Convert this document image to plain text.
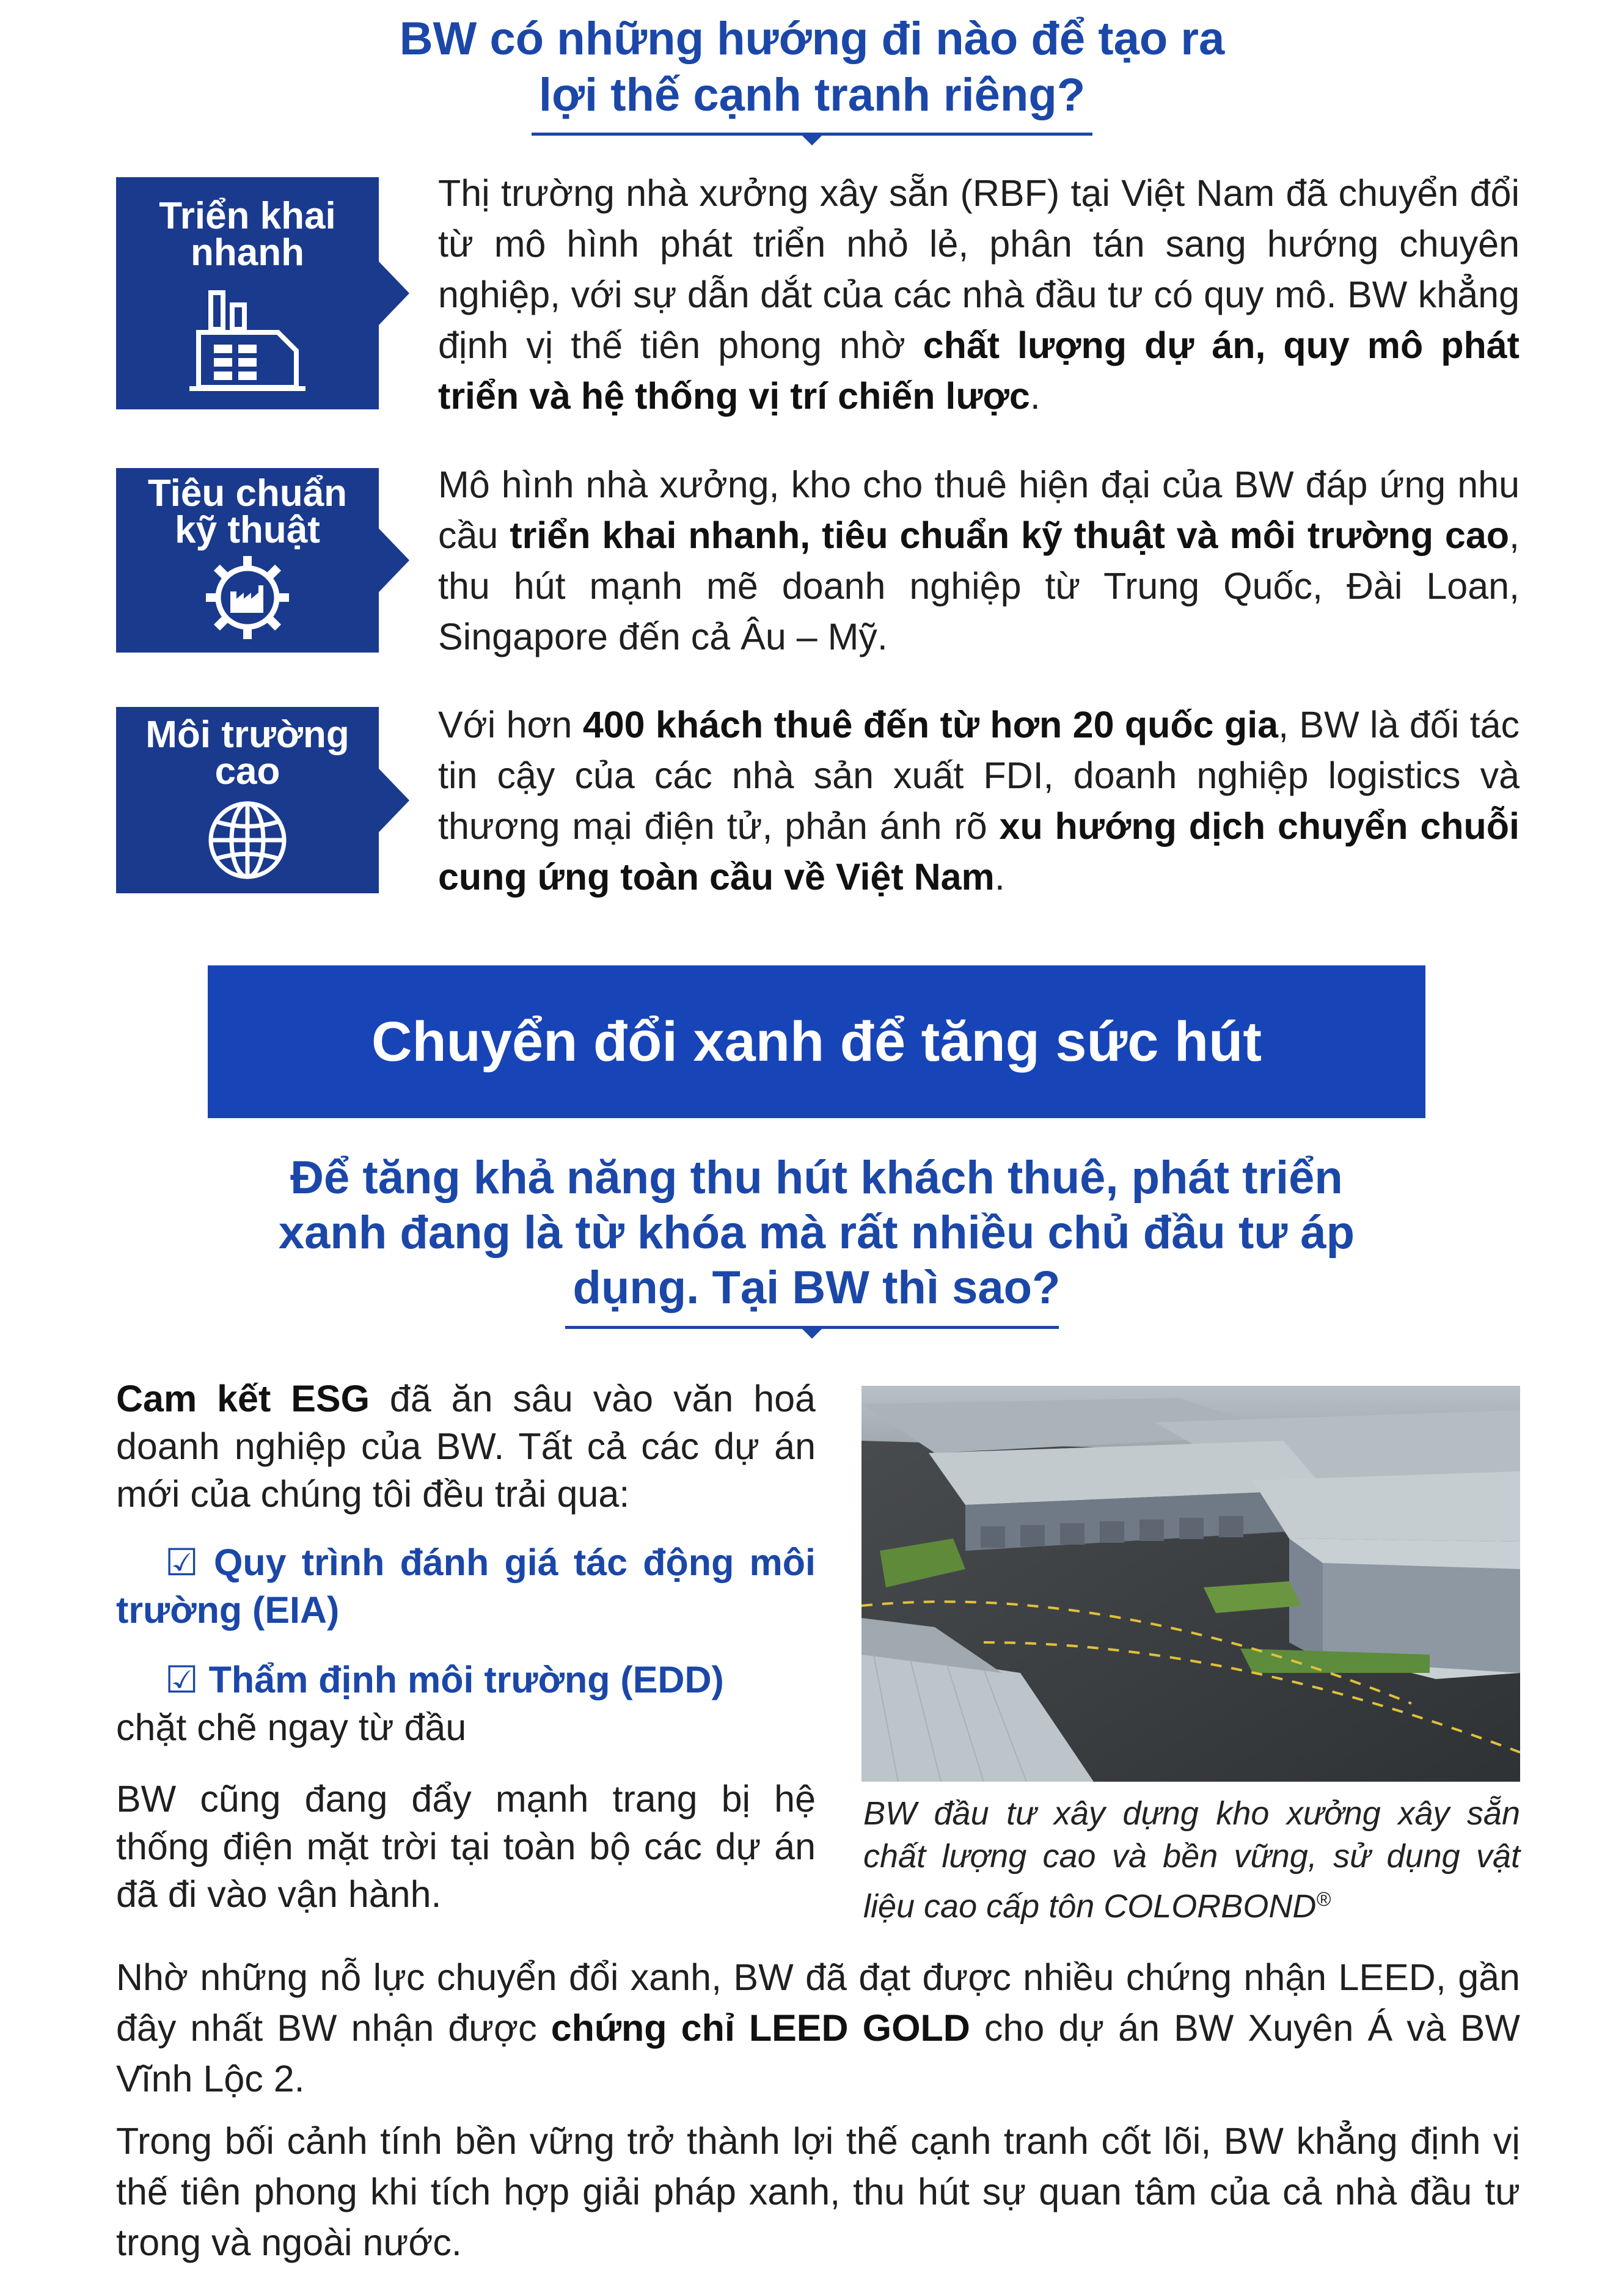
BW có những hướng đi nào để tạo ra
lợi thế cạnh tranh riêng?
Triển khai
nhanh
Thị trường nhà xưởng xây sẵn (RBF) tại Việt Nam đã chuyển đổi từ mô hình phát triển nhỏ lẻ, phân tán sang hướng chuyên nghiệp, với sự dẫn dắt của các nhà đầu tư có quy mô. BW khẳng định vị thế tiên phong nhờ chất lượng dự án, quy mô phát triển và hệ thống vị trí chiến lược.
Tiêu chuẩn
kỹ thuật
Mô hình nhà xưởng, kho cho thuê hiện đại của BW đáp ứng nhu cầu triển khai nhanh, tiêu chuẩn kỹ thuật và môi trường cao, thu hút mạnh mẽ doanh nghiệp từ Trung Quốc, Đài Loan, Singapore đến cả Âu – Mỹ.
Môi trường
cao
Với hơn 400 khách thuê đến từ hơn 20 quốc gia, BW là đối tác tin cậy của các nhà sản xuất FDI, doanh nghiệp logistics và thương mại điện tử, phản ánh rõ xu hướng dịch chuyển chuỗi cung ứng toàn cầu về Việt Nam.
Chuyển đổi xanh để tăng sức hút
Để tăng khả năng thu hút khách thuê, phát triển
xanh đang là từ khóa mà rất nhiều chủ đầu tư áp
dụng. Tại BW thì sao?
Cam kết ESG đã ăn sâu vào văn hoá doanh nghiệp của BW. Tất cả các dự án mới của chúng tôi đều trải qua:
☑ Quy trình đánh giá tác động môi trường (EIA)
☑ Thẩm định môi trường (EDD)
chặt chẽ ngay từ đầu
BW cũng đang đẩy mạnh trang bị hệ thống điện mặt trời tại toàn bộ các dự án đã đi vào vận hành.
BW đầu tư xây dựng kho xưởng xây sẵn chất lượng cao và bền vững, sử dụng vật liệu cao cấp tôn COLORBOND®
Nhờ những nỗ lực chuyển đổi xanh, BW đã đạt được nhiều chứng nhận LEED, gần đây nhất BW nhận được chứng chỉ LEED GOLD cho dự án BW Xuyên Á và BW Vĩnh Lộc 2.
Trong bối cảnh tính bền vững trở thành lợi thế cạnh tranh cốt lõi, BW khẳng định vị thế tiên phong khi tích hợp giải pháp xanh, thu hút sự quan tâm của cả nhà đầu tư trong và ngoài nước.
